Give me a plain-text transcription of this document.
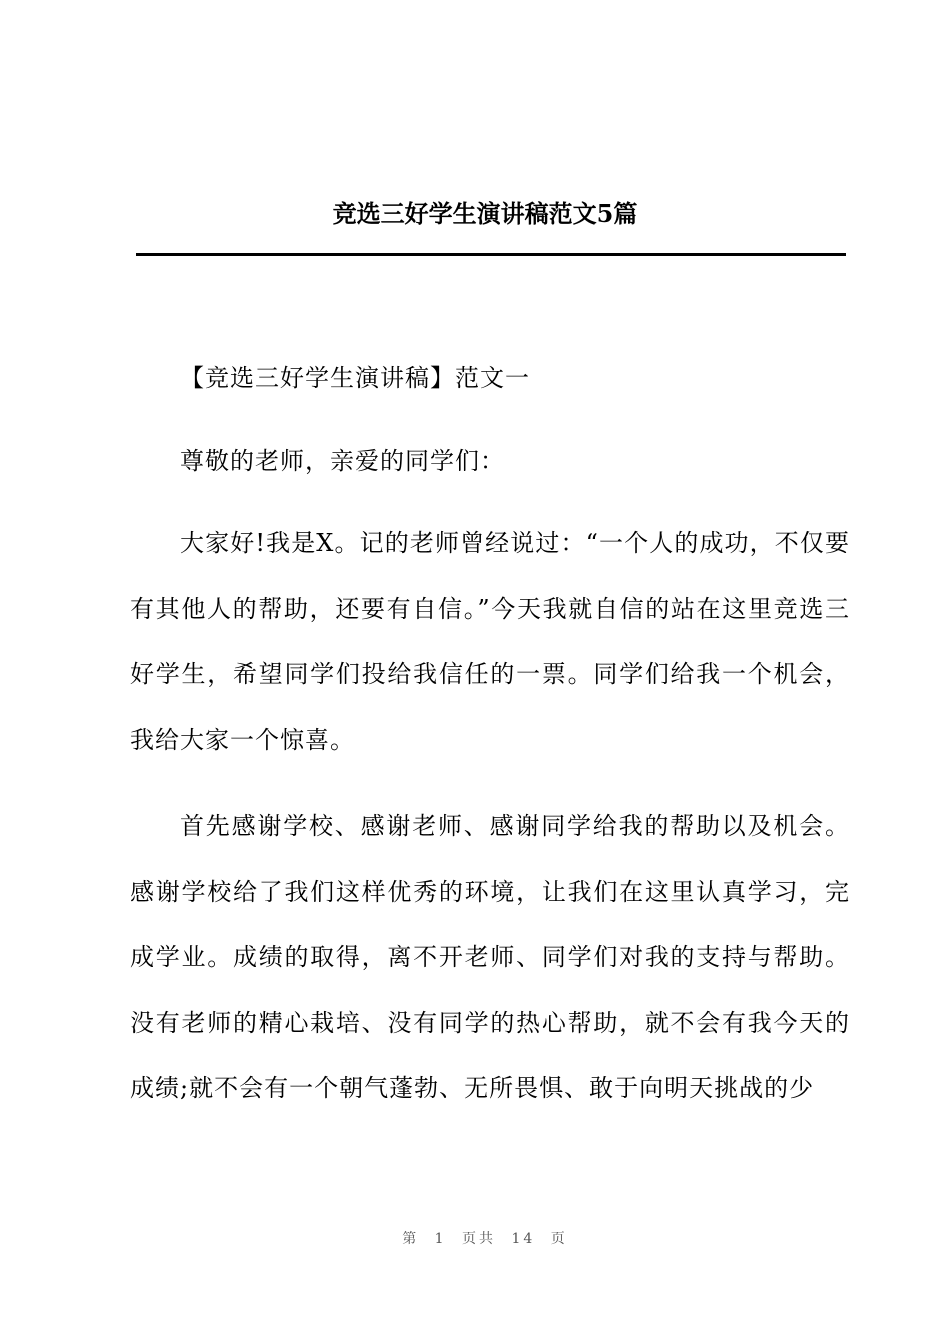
竞选三好学生演讲稿范文5篇

【竞选三好学生演讲稿】范文一

尊敬的老师，亲爱的同学们：

大家好!我是X。记的老师曾经说过：“一个人的成功，不仅要有其他人的帮助，还要有自信。”今天我就自信的站在这里竞选三好学生，希望同学们投给我信任的一票。同学们给我一个机会，我给大家一个惊喜。

首先感谢学校、感谢老师、感谢同学给我的帮助以及机会。感谢学校给了我们这样优秀的环境，让我们在这里认真学习，完成学业。成绩的取得，离不开老师、同学们对我的支持与帮助。没有老师的精心栽培、没有同学的热心帮助，就不会有我今天的成绩;就不会有一个朝气蓬勃、无所畏惧、敢于向明天挑战的少

第 1 页共 14 页
